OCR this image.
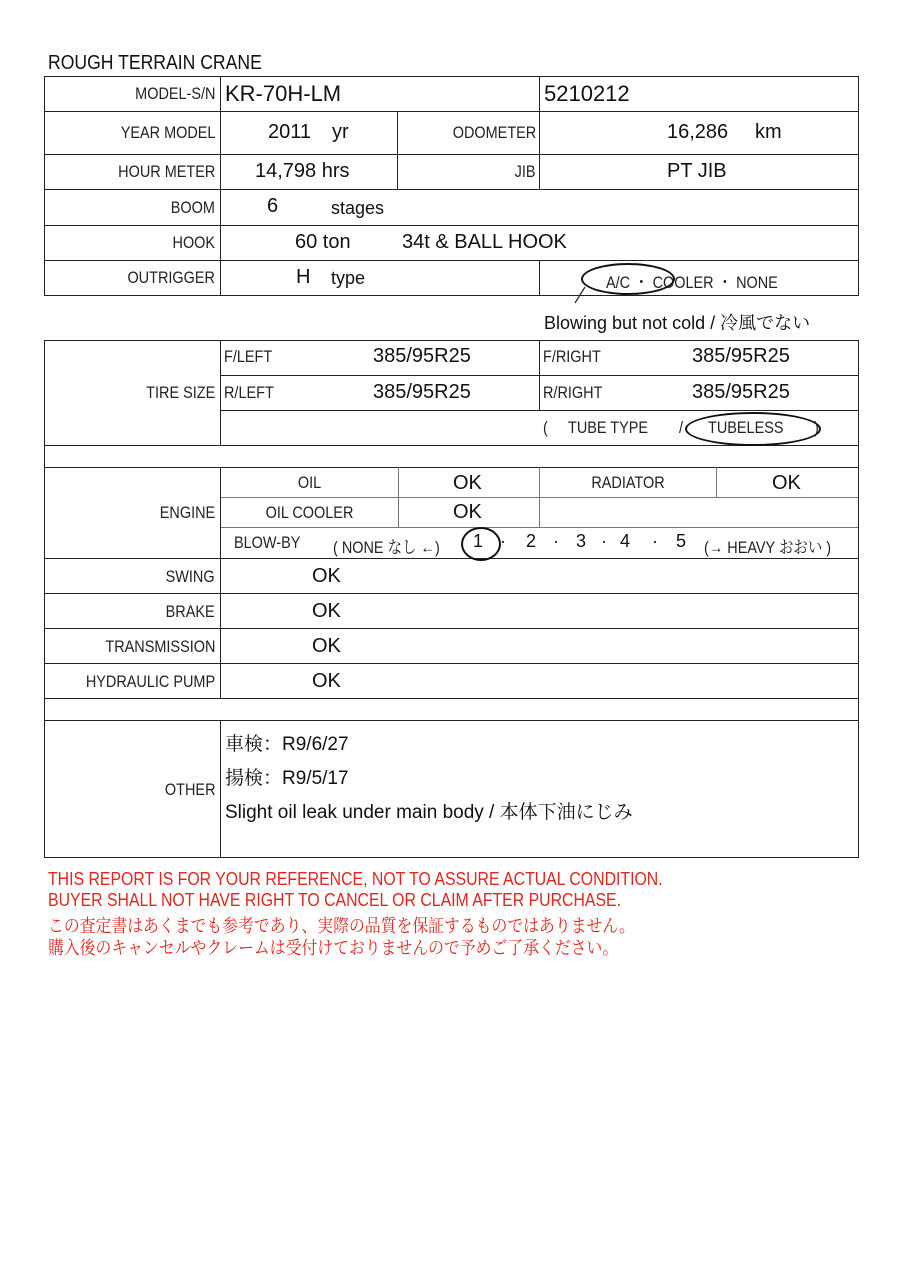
ROUGH TERRAIN CRANE
MODEL-S/N KR-70H-LM	5210212
YEAR MODEL	2011 yr	ODOMETER	16,286 km
HOUR METER 14,798 hrs	JIB	PT JIB
BOOM	6	stages
HOOK	60 ton	34t & BALL HOOK
OUTRIGGER	H type	A/C ・ COOLER ・ NONE
Blowing but not cold / 冷風でない
TIRE SIZE
F/LEFT	385/95R25	F/RIGHT	385/95R25
R/LEFT	385/95R25	R/RIGHT	385/95R25
( TUBE TYPE / TUBELESS )
ENGINE
OIL	OK	RADIATOR	OK
OIL COOLER	OK
BLOW-BY ( NONE なし ←) 1 · 2 · 3 · 4 · 5 (→ HEAVY おおい )
SWING	OK
BRAKE	OK
TRANSMISSION	OK
HYDRAULIC PUMP	OK
OTHER
車検：R9/6/27
揚検：R9/5/17
Slight oil leak under main body / 本体下油にじみ
THIS REPORT IS FOR YOUR REFERENCE, NOT TO ASSURE ACTUAL CONDITION.
BUYER SHALL NOT HAVE RIGHT TO CANCEL OR CLAIM AFTER PURCHASE.
この査定書はあくまでも参考であり、実際の品質を保証するものではありません。
購入後のキャンセルやクレームは受付けておりませんので予めご了承ください。
